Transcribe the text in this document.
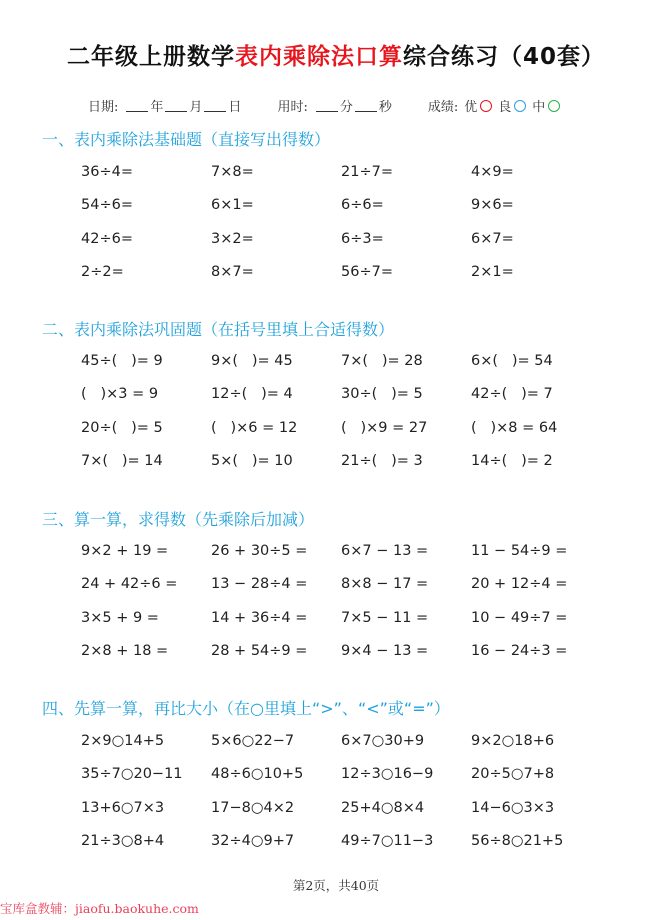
二年级上册数学表内乘除法口算综合练习（40套）
日期: 年 月 日	用时: 分 秒	成绩: 优 良 中
一、表内乘除法基础题（直接写出得数）
36÷4=	7×8=	21÷7=	4×9=
54÷6=	6×1=	6÷6=	9×6=
42÷6=	3×2=	6÷3=	6×7=
2÷2=	8×7=	56÷7=	2×1=
二、表内乘除法巩固题（在括号里填上合适得数）
45÷(   )= 9	9×(   )= 45	7×(   )= 28	6×(   )= 54
(   )×3 = 9	12÷(   )= 4	30÷(   )= 5	42÷(   )= 7
20÷(   )= 5	(   )×6 = 12	(   )×9 = 27	(   )×8 = 64
7×(   )= 14	5×(   )= 10	21÷(   )= 3	14÷(   )= 2
三、算一算，求得数（先乘除后加减）
9×2 + 19 =	26 + 30÷5 =	6×7 − 13 =	11 − 54÷9 =
24 + 42÷6 =	13 − 28÷4 =	8×8 − 17 =	20 + 12÷4 =
3×5 + 9 =	14 + 36÷4 =	7×5 − 11 =	10 − 49÷7 =
2×8 + 18 =	28 + 54÷9 =	9×4 − 13 =	16 − 24÷3 =
四、先算一算，再比大小（在○里填上“>”、“<”或“=”）
2×9○14+5	5×6○22−7	6×7○30+9	9×2○18+6
35÷7○20−11	48÷6○10+5	12÷3○16−9	20÷5○7+8
13+6○7×3	17−8○4×2	25+4○8×4	14−6○3×3
21÷3○8+4	32÷4○9+7	49÷7○11−3	56÷8○21+5
第2页，共40页
宝库盒教辅：jiaofu.baokuhe.com
